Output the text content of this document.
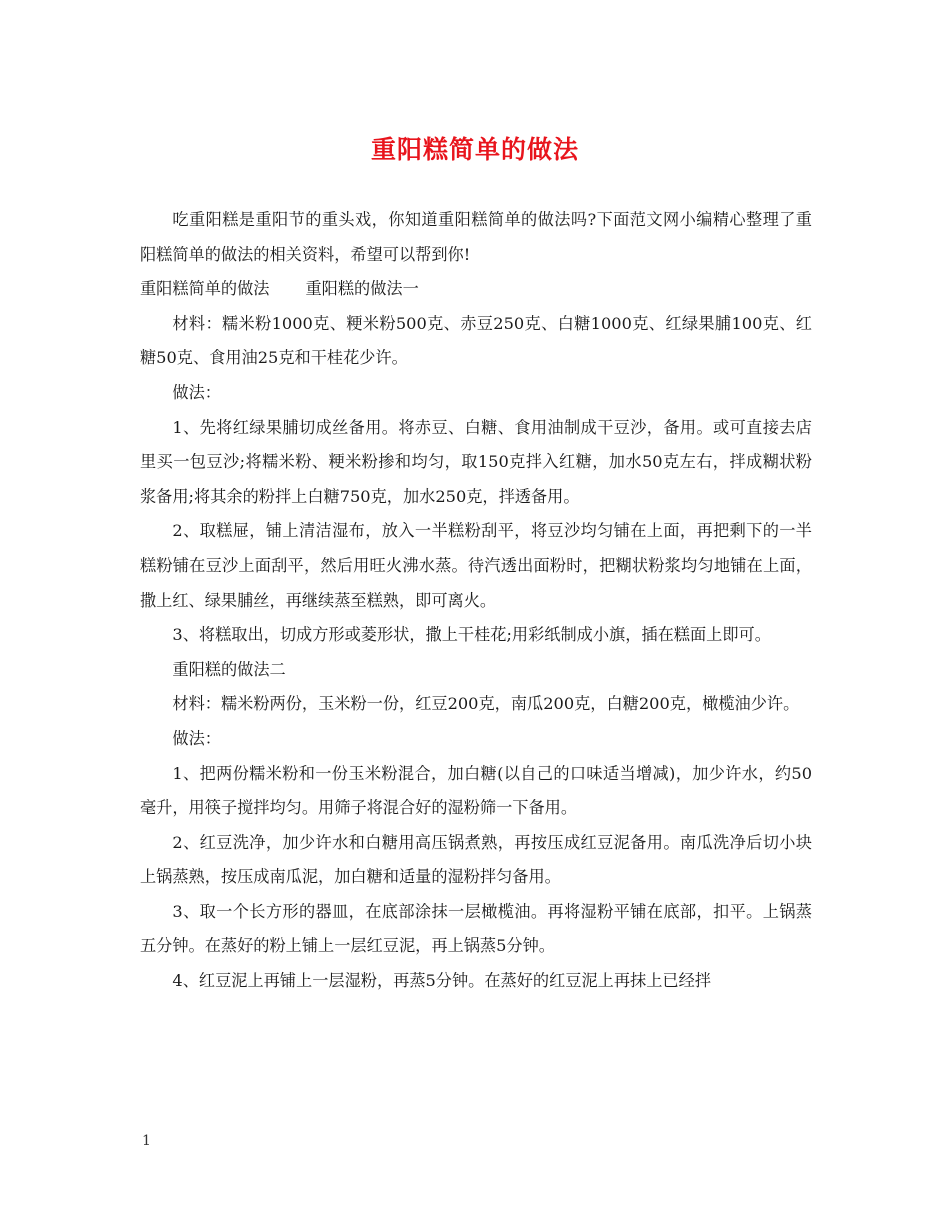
重阳糕简单的做法

吃重阳糕是重阳节的重头戏，你知道重阳糕简单的做法吗?下面范文网小编精心整理了重阳糕简单的做法的相关资料，希望可以帮到你!

重阳糕简单的做法 重阳糕的做法一

材料：糯米粉1000克、粳米粉500克、赤豆250克、白糖1000克、红绿果脯100克、红糖50克、食用油25克和干桂花少许。

做法：

1、先将红绿果脯切成丝备用。将赤豆、白糖、食用油制成干豆沙，备用。或可直接去店里买一包豆沙;将糯米粉、粳米粉掺和均匀，取150克拌入红糖，加水50克左右，拌成糊状粉浆备用;将其余的粉拌上白糖750克，加水250克，拌透备用。

2、取糕屉，铺上清洁湿布，放入一半糕粉刮平，将豆沙均匀铺在上面，再把剩下的一半糕粉铺在豆沙上面刮平，然后用旺火沸水蒸。待汽透出面粉时，把糊状粉浆均匀地铺在上面，撒上红、绿果脯丝，再继续蒸至糕熟，即可离火。

3、将糕取出，切成方形或菱形状，撒上干桂花;用彩纸制成小旗，插在糕面上即可。

重阳糕的做法二

材料：糯米粉两份，玉米粉一份，红豆200克，南瓜200克，白糖200克，橄榄油少许。

做法：

1、把两份糯米粉和一份玉米粉混合，加白糖(以自己的口味适当增减)，加少许水，约50毫升，用筷子搅拌均匀。用筛子将混合好的湿粉筛一下备用。

2、红豆洗净，加少许水和白糖用高压锅煮熟，再按压成红豆泥备用。南瓜洗净后切小块上锅蒸熟，按压成南瓜泥，加白糖和适量的湿粉拌匀备用。

3、取一个长方形的器皿，在底部涂抹一层橄榄油。再将湿粉平铺在底部，扣平。上锅蒸五分钟。在蒸好的粉上铺上一层红豆泥，再上锅蒸5分钟。

4、红豆泥上再铺上一层湿粉，再蒸5分钟。在蒸好的红豆泥上再抹上已经拌

1
